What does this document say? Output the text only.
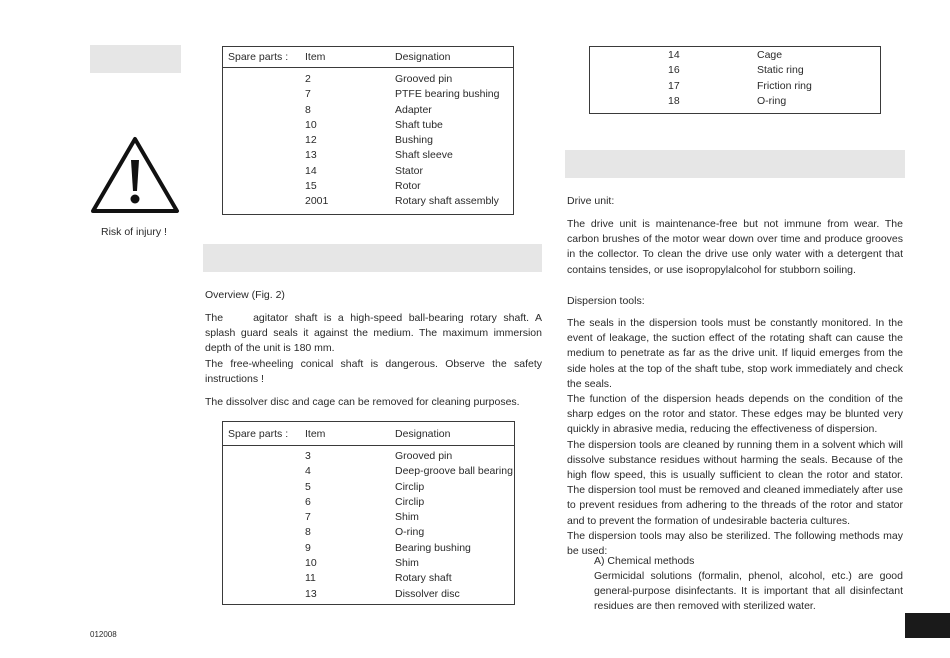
Risk of injury !
012008
Spare parts : Item	Designation
2	Grooved pin
7	PTFE bearing bushing
8	Adapter
10	Shaft tube
12	Bushing
13	Shaft sleeve
14	Stator
15	Rotor
2001	Rotary shaft assembly
Overview (Fig. 2)

The	agitator shaft is a high-speed ball-bearing rotary shaft. A splash guard seals it against the medium. The maximum immersion depth of the unit is 180 mm.

The free-wheeling conical shaft is dangerous. Observe the safety instructions !

The dissolver disc and cage can be removed for cleaning purposes.
Spare parts : Item	Designation
3	Grooved pin
4	Deep-groove ball bearing
5	Circlip
6	Circlip
7	Shim
8	O-ring
9	Bearing bushing
10	Shim
11	Rotary shaft
13	Dissolver disc
14	Cage
16	Static ring
17	Friction ring
18	O-ring
Drive unit:
The drive unit is maintenance-free but not immune from wear. The carbon brushes of the motor wear down over time and produce grooves in the collector. To clean the drive use only water with a detergent that contains tensides, or use isopropylalcohol for stubborn soiling.
Dispersion tools:

The seals in the dispersion tools must be constantly monitored. In the event of leakage, the suction effect of the rotating shaft can cause the medium to penetrate as far as the drive unit. If liquid emerges from the side holes at the top of the shaft tube, stop work immediately and check the seals.

The function of the dispersion heads depends on the condition of the sharp edges on the rotor and stator. These edges may be blunted very quickly in abrasive media, reducing the effectiveness of dispersion.

The dispersion tools are cleaned by running them in a solvent which will dissolve substance residues without harming the seals. Because of the high flow speed, this is usually sufficient to clean the rotor and stator. The dispersion tool must be removed and cleaned immediately after use to prevent residues from adhering to the threads of the rotor and stator and to prevent the formation of undesirable bacteria cultures.

The dispersion tools may also be sterilized. The following methods may be used:

A) Chemical methods
Germicidal solutions (formalin, phenol, alcohol, etc.) are good general-purpose disinfectants. It is important that all disinfectant residues are then removed with sterilized water.
